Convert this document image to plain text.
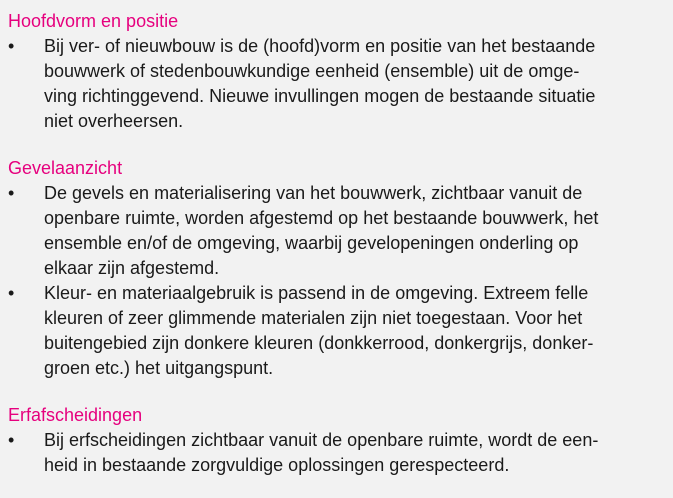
Hoofdvorm en positie
•	Bij ver- of nieuwbouw is de (hoofd)vorm en positie van het bestaande
bouwwerk of stedenbouwkundige eenheid (ensemble) uit de omge-
ving richtinggevend. Nieuwe invullingen mogen de bestaande situatie
niet overheersen.
Gevelaanzicht
•	De gevels en materialisering van het bouwwerk, zichtbaar vanuit de
openbare ruimte, worden afgestemd op het bestaande bouwwerk, het
ensemble en/of de omgeving, waarbij gevelopeningen onderling op
elkaar zijn afgestemd.
•	Kleur- en materiaalgebruik is passend in de omgeving. Extreem felle
kleuren of zeer glimmende materialen zijn niet toegestaan. Voor het
buitengebied zijn donkere kleuren (donkkerrood, donkergrijs, donker-
groen etc.) het uitgangspunt.
Erfafscheidingen
•	Bij erfscheidingen zichtbaar vanuit de openbare ruimte, wordt de een-
heid in bestaande zorgvuldige oplossingen gerespecteerd.
